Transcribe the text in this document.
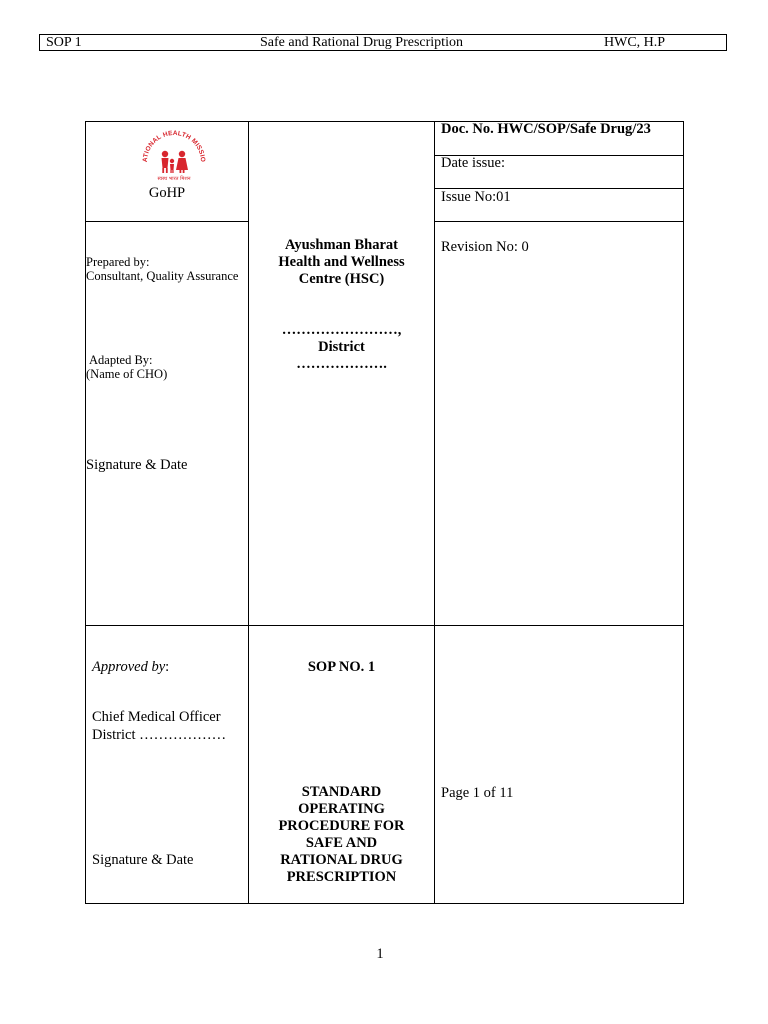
SOP 1	Safe and Rational Drug Prescription	HWC, H.P
ATIONAL HEALTH MISSIO
स्वस्थ भारत मिशन
GoHP
Doc. No. HWC/SOP/Safe Drug/23
Date issue:
Issue No:01
Revision No: 0
Page 1 of 11
Prepared by:
Consultant, Quality Assurance
Adapted By:
(Name of CHO)
Signature & Date
Ayushman Bharat
Health and Wellness
Centre (HSC)
……………………,
District
……………….
Approved by:
Chief Medical Officer
District ………………
Signature & Date
SOP NO. 1
STANDARD
OPERATING
PROCEDURE FOR
SAFE AND
RATIONAL DRUG
PRESCRIPTION
1
